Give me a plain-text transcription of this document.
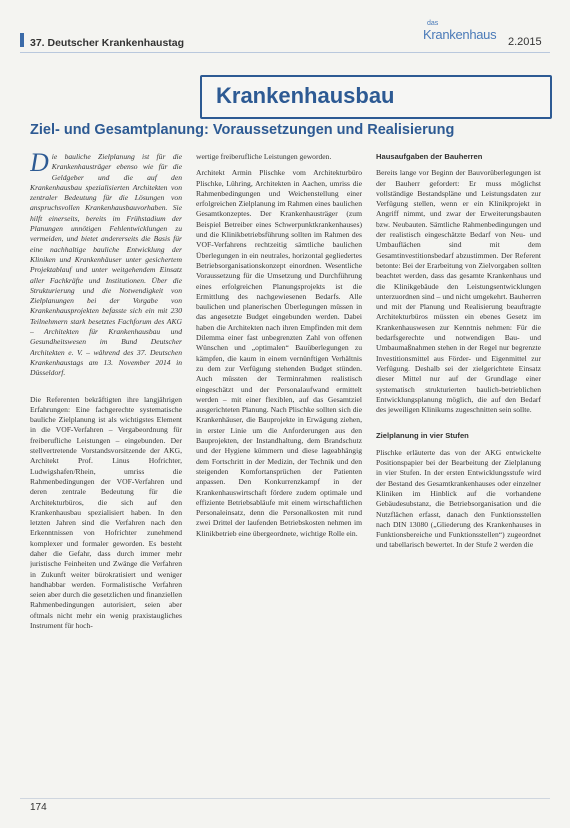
37. Deutscher Krankenhaustag
das
Krankenhaus 2.2015
Krankenhausbau
Ziel- und Gesamtplanung: Voraussetzungen und Realisierung

Die bauliche Zielplanung ist für die Krankenhausträger ebenso wie für die Geldgeber und die auf den Krankenhausbau spezialisierten Architekten von zentraler Bedeutung für die Lösungen von anspruchsvollen Krankenhausbauvorhaben. Sie hilft einerseits, bereits im Frühstadium der Planungen unnötigen Fehlentwicklungen zu vermeiden, und bietet andererseits die Basis für eine nachhaltige bauliche Entwicklung der Kliniken und Krankenhäuser unter gesichertem Projektablauf und unter weitgehendem Einsatz aller Fachkräfte und Institutionen. Über die Strukturierung und die Notwendigkeit von Zielplanungen bei der Vorgabe von Krankenhausprojekten befasste sich ein mit 230 Teilnehmern stark besetztes Fachforum des AKG – Architekten für Krankenhausbau und Gesundheitswesen im Bund Deutscher Architekten e. V. – während des 37. Deutschen Krankenhaustags am 13. November 2014 in Düsseldorf.

Die Referenten bekräftigten ihre langjährigen Erfahrungen: Eine fachgerechte systematische bauliche Zielplanung ist als wichtigstes Element in die VOF-Verfahren – Vergabeordnung für freiberufliche Leistungen – eingebunden. Der stellvertretende Vorstandsvorsitzende der AKG, Architekt Prof. Linus Hofrichter, Ludwigshafen/Rhein, umriss die Rahmenbedingungen der VOF-Verfahren und deren zentrale Bedeutung für die Architekturbüros, die sich auf den Krankenhausbau spezialisiert haben. In den letzten Jahren sind die Verfahren nach den Erkenntnissen von Hofrichter zunehmend komplexer und formaler geworden. Es besteht daher die Gefahr, dass durch immer mehr juristische Feinheiten und Zwänge die Verfahren in Zukunft weiter bürokratisiert und weniger handhabbar werden. Formalistische Verfahren seien aber durch die gesetzlichen und finanziellen Rahmenbedingungen autorisiert, seien aber oftmals nicht mehr ein wenig praxistaugliches Instrument für hoch-

wertige freiberufliche Leistungen geworden.

Architekt Armin Plischke vom Architekturbüro Plischke, Lühring, Architekten in Aachen, umriss die Rahmenbedingungen und Weichenstellung einer erfolgreichen Zielplanung im Rahmen eines baulichen Gesamtkonzeptes. Der Krankenhausträger (zum Beispiel Betreiber eines Schwerpunktkrankenhauses) und die Klinikbetriebsführung sollten im Rahmen des VOF-Verfahrens rechtzeitig sämtliche baulichen Überlegungen in ein neutrales, horizontal gegliedertes Betriebsorganisationskonzept einordnen. Wesentliche Voraussetzung für die Umsetzung und Durchführung eines erfolgreichen Planungsprojekts ist die Ermittlung des nachgewiesenen Bedarfs. Alle baulichen und planerischen Überlegungen müssen in das angesetzte Budget eingebunden werden. Dabei haben die Architekten nach ihren Empfinden mit dem Dilemma einer fast unbegrenzten Zahl von offenen Wünschen und „optimalen“ Bauüberlegungen zu kämpfen, die kaum in einem vernünftigen Verhältnis zu dem zur Verfügung stehenden Budget stünden. Auch müssten der Terminrahmen realistisch eingeschätzt und der Personalaufwand ermittelt werden – mit einer flexiblen, auf das Gesamtziel ausgerichteten Planung. Nach Plischke sollten sich die Krankenhäuser, die Bauprojekte in Erwägung ziehen, in erster Linie um die Anforderungen aus den Bauprojekten, der Instandhaltung, dem Brandschutz und der Hygiene kümmern und diese lageabhängig dem Fortschritt in der Medizin, der Technik und den steigenden Komfortansprüchen der Patienten anpassen. Den Konkurrenzkampf in der Krankenhauswirtschaft fördere zudem optimale und effiziente Betriebsabläufe mit einem wirtschaftlichen Personaleinsatz, denn die Personalkosten mit rund zwei Drittel der laufenden Betriebskosten nehmen im Klinikbetrieb eine übergeordnete, wichtige Rolle ein.

Hausaufgaben der Bauherren

Bereits lange vor Beginn der Bauvorüberlegungen ist der Bauherr gefordert: Er muss möglichst vollständige Bestandspläne und Leistungsdaten zur Verfügung stellen, wenn er ein Klinikprojekt in Angriff nimmt, und zwar der Erweiterungsbauten bzw. Neubauten. Sämtliche Rahmenbedingungen und der realistisch eingeschätzte Bedarf von Neu- und Umbauflächen sind mit dem Gesamtinvestitionsbedarf abzustimmen. Der Referent betonte: Bei der Erarbeitung von Zielvorgaben sollten beachtet werden, dass das gesamte Krankenhaus und die Klinikgebäude den Leistungsentwicklungen unterzuordnen sind – und nicht umgekehrt. Bauherren und mit der Planung und Realisierung beauftragte Architekturbüros müssten ein ebenes Gesetz im Krankenhauswesen zur Kenntnis nehmen: Für die bedarfsgerechte und notwendigen Bau- und Umbaumaßnahmen stehen in der Regel nur begrenzte Investitionsmittel aus Förder- und Eigenmittel zur Verfügung. Deshalb sei der zielgerichtete Einsatz dieser Mittel nur auf der Grundlage einer systematisch strukturierten baulich-betrieblichen Entwicklungsplanung möglich, die auf den Bedarf des jeweiligen Klinikums zugeschnitten sein sollte.

Zielplanung in vier Stufen

Plischke erläuterte das von der AKG entwickelte Positionspapier bei der Bearbeitung der Zielplanung in vier Stufen. In der ersten Entwicklungsstufe wird der Bestand des Gesamtkrankenhauses oder einzelner Kliniken im Hinblick auf die vorhandene Gebäudesubstanz, die Betriebsorganisation und die Nutzflächen erfasst, danach den Funktionsstellen nach DIN 13080 („Gliederung des Krankenhauses in Funktionsbereiche und Funktionsstellen“) zugeordnet und tabellarisch bewertet. In der Stufe 2 werden die

174
